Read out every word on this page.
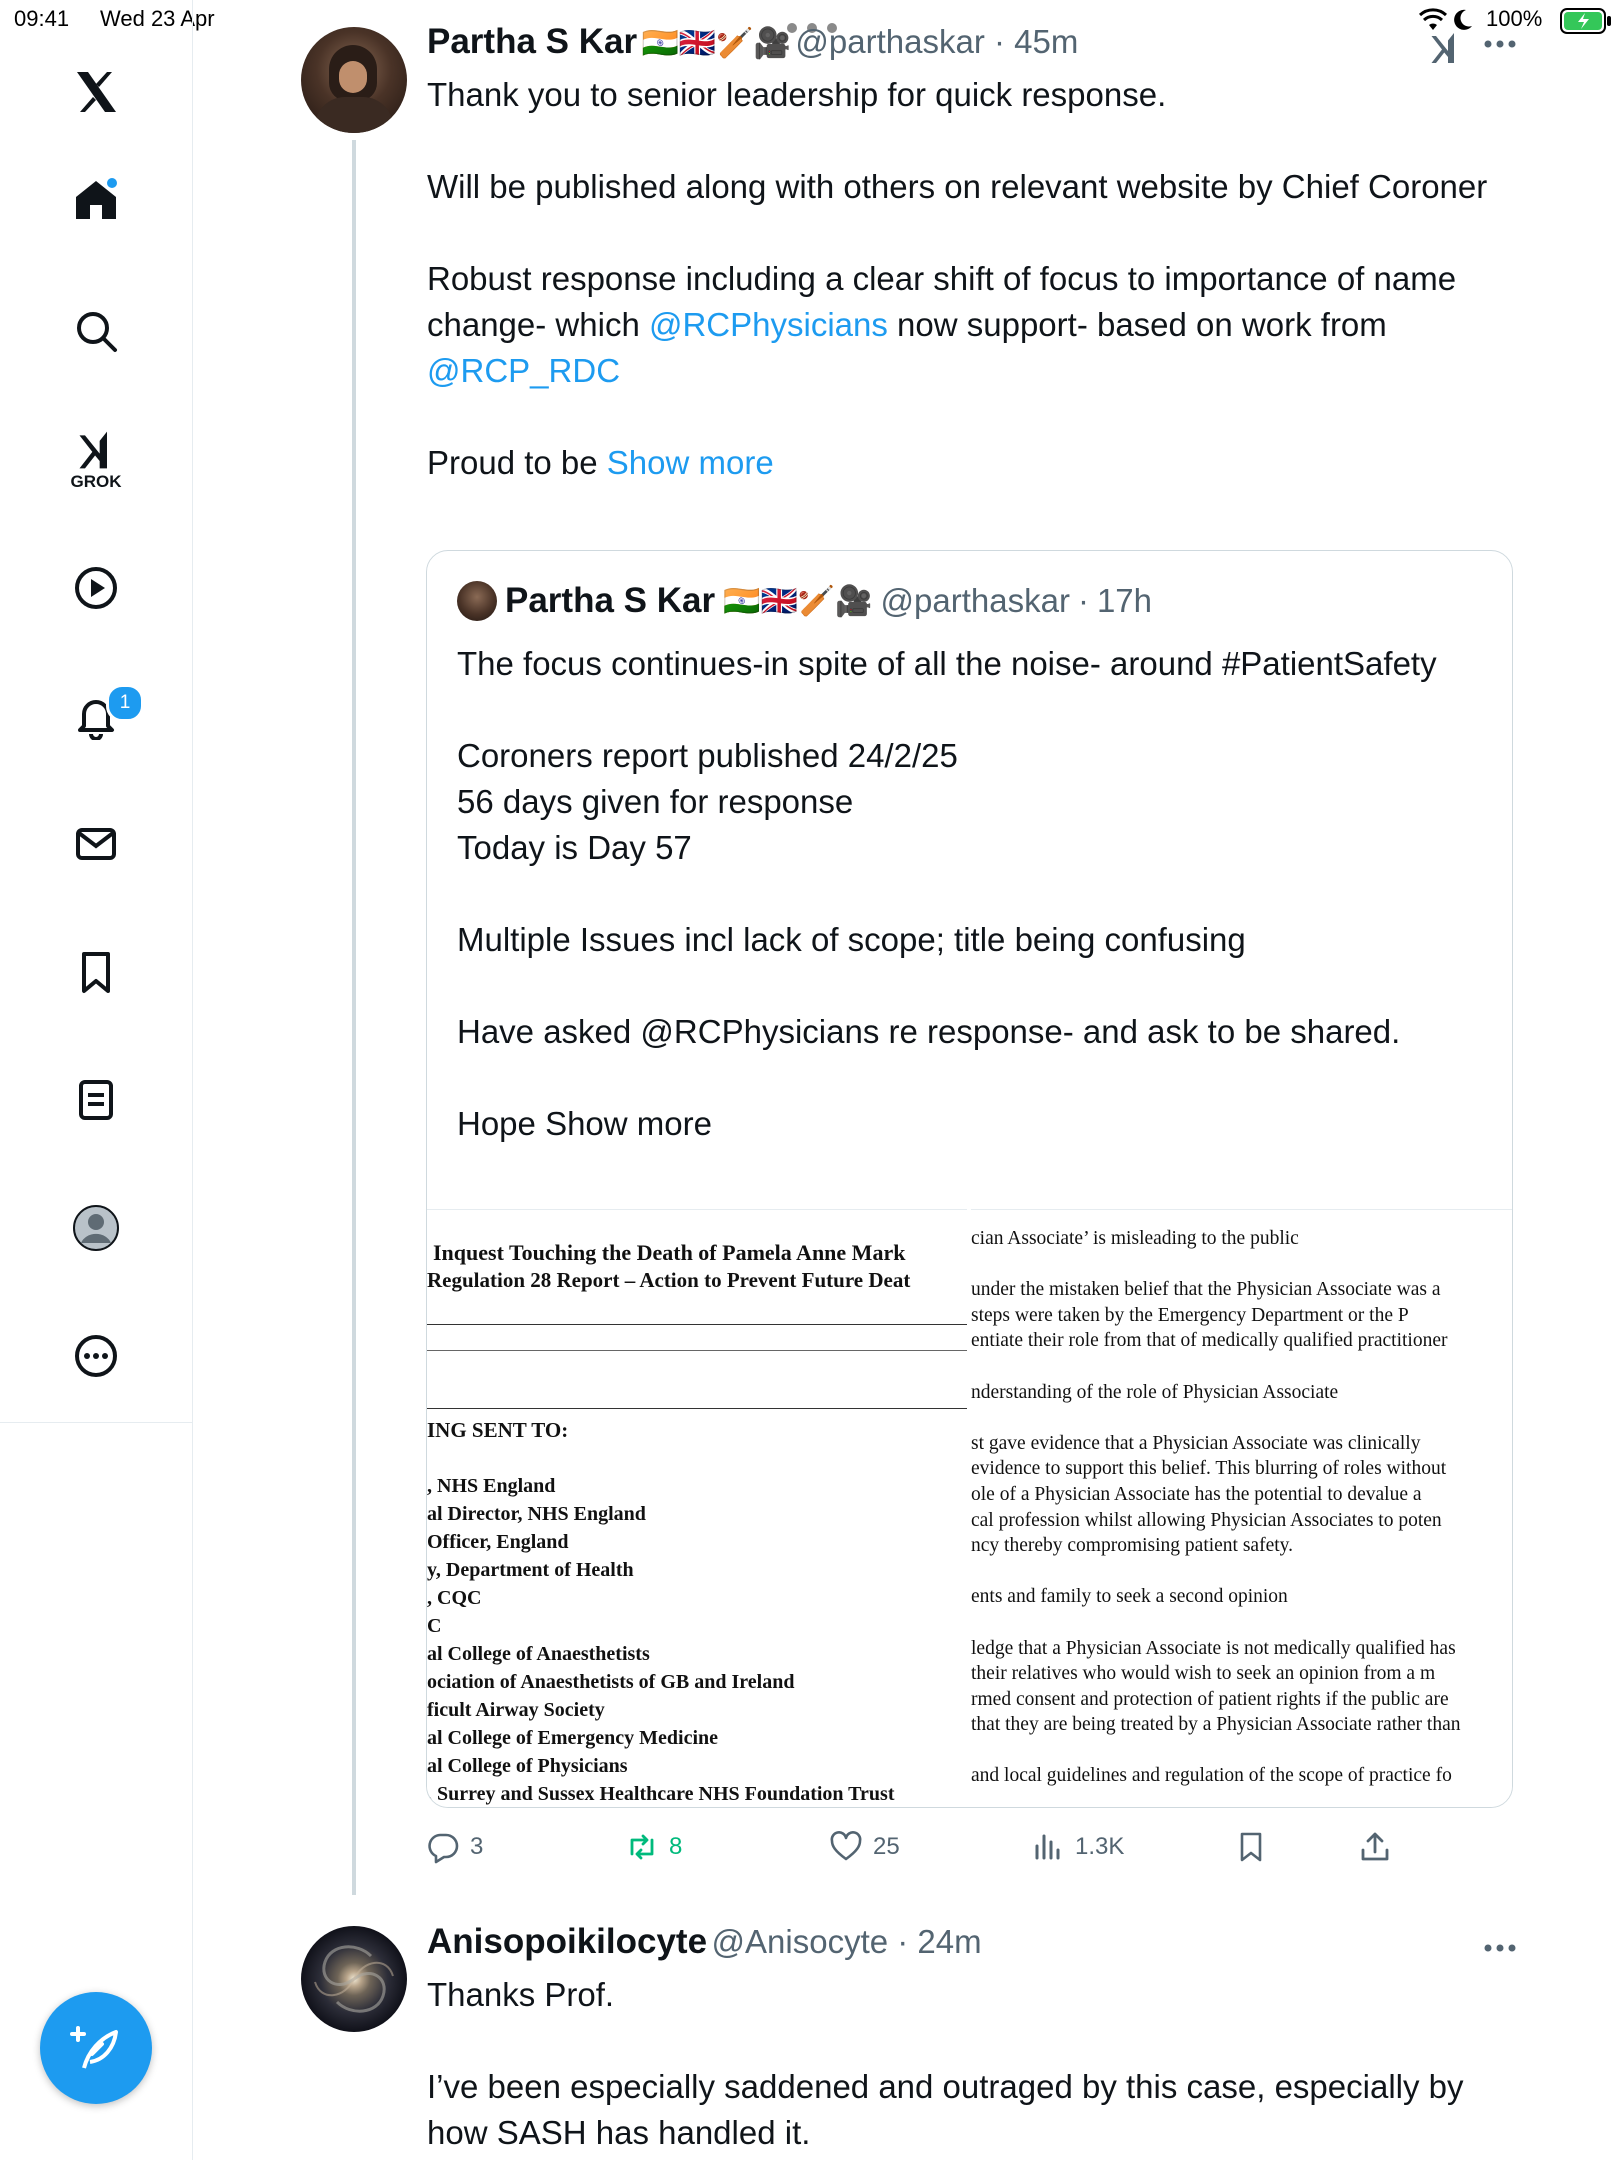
09:41 Wed 23 Apr	100%
GROK
1
Partha S Kar 🇮🇳🇬🇧🏏🎥 @parthaskar · 45m
Thank you to senior leadership for quick response.
Will be published along with others on relevant website by Chief Coroner
Robust response including a clear shift of focus to importance of name change- which @RCPhysicians now support- based on work from @RCP_RDC
Proud to be Show more
Partha S Kar 🇮🇳🇬🇧🏏🎥 @parthaskar · 17h
The focus continues-in spite of all the noise- around #PatientSafety
Coroners report published 24/2/25
56 days given for response
Today is Day 57
Multiple Issues incl lack of scope; title being confusing
Have asked @RCPhysicians re response- and ask to be shared.
Hope Show more
Inquest Touching the Death of Pamela Anne Mark
Regulation 28 Report – Action to Prevent Future Deat
ING SENT TO:
, NHS England
al Director, NHS England
Officer, England
y, Department of Health
, CQC
C
al College of Anaesthetists
ociation of Anaesthetists of GB and Ireland
ficult Airway Society
al College of Emergency Medicine
al College of Physicians
, Surrey and Sussex Healthcare NHS Foundation Trust
cian Associate’ is misleading to the public
under the mistaken belief that the Physician Associate was a
steps were taken by the Emergency Department or the P
entiate their role from that of medically qualified practitioner
nderstanding of the role of Physician Associate
st gave evidence that a Physician Associate was clinically
evidence to support this belief. This blurring of roles without
ole of a Physician Associate has the potential to devalue a
cal profession whilst allowing Physician Associates to poten
ncy thereby compromising patient safety.
ents and family to seek a second opinion
ledge that a Physician Associate is not medically qualified has
their relatives who would wish to seek an opinion from a m
rmed consent and protection of patient rights if the public are
that they are being treated by a Physician Associate rather than
and local guidelines and regulation of the scope of practice fo
3	8	25	1.3K
Anisopoikilocyte @Anisocyte · 24m
Thanks Prof.
I’ve been especially saddened and outraged by this case, especially by how SASH has handled it.
